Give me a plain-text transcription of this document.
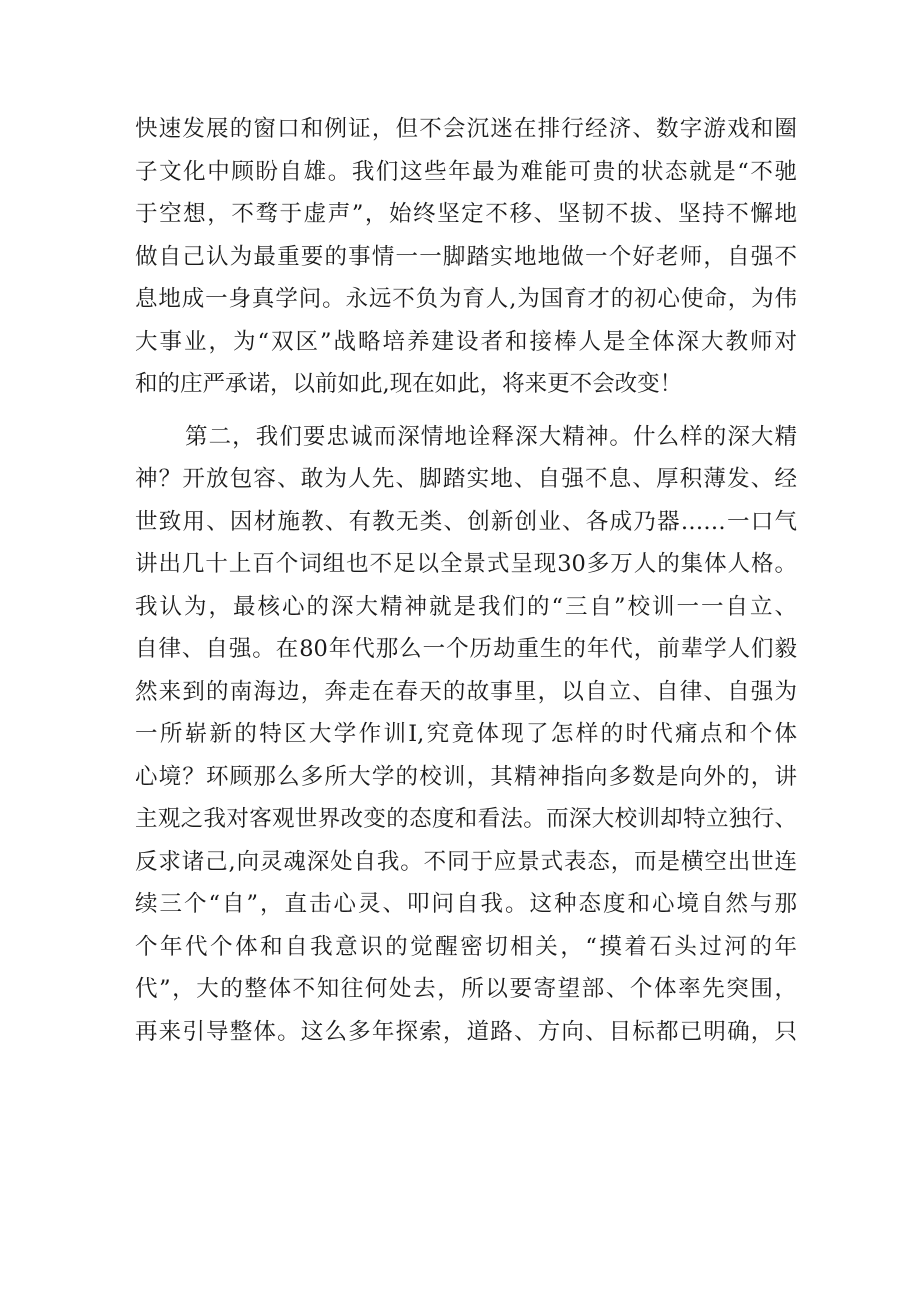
快速发展的窗口和例证，但不会沉迷在排行经济、数字游戏和圈
子文化中顾盼自雄。我们这些年最为难能可贵的状态就是“不驰
于空想，不骛于虚声”，始终坚定不移、坚韧不拔、坚持不懈地
做自己认为最重要的事情一一脚踏实地地做一个好老师，自强不
息地成一身真学问。永远不负为育人,为国育才的初心使命，为伟
大事业，为“双区”战略培养建设者和接棒人是全体深大教师对
和的庄严承诺，以前如此,现在如此，将来更不会改变！
第二，我们要忠诚而深情地诠释深大精神。什么样的深大精
神？开放包容、敢为人先、脚踏实地、自强不息、厚积薄发、经
世致用、因材施教、有教无类、创新创业、各成乃器……一口气
讲出几十上百个词组也不足以全景式呈现30多万人的集体人格。
我认为，最核心的深大精神就是我们的“三自”校训一一自立、
自律、自强。在80年代那么一个历劫重生的年代，前辈学人们毅
然来到的南海边，奔走在春天的故事里，以自立、自律、自强为
一所崭新的特区大学作训I,究竟体现了怎样的时代痛点和个体
心境？环顾那么多所大学的校训，其精神指向多数是向外的，讲
主观之我对客观世界改变的态度和看法。而深大校训却特立独行、
反求诸己,向灵魂深处自我。不同于应景式表态，而是横空出世连
续三个“自”，直击心灵、叩问自我。这种态度和心境自然与那
个年代个体和自我意识的觉醒密切相关，“摸着石头过河的年
代”，大的整体不知往何处去，所以要寄望部、个体率先突围，
再来引导整体。这么多年探索，道路、方向、目标都已明确，只
